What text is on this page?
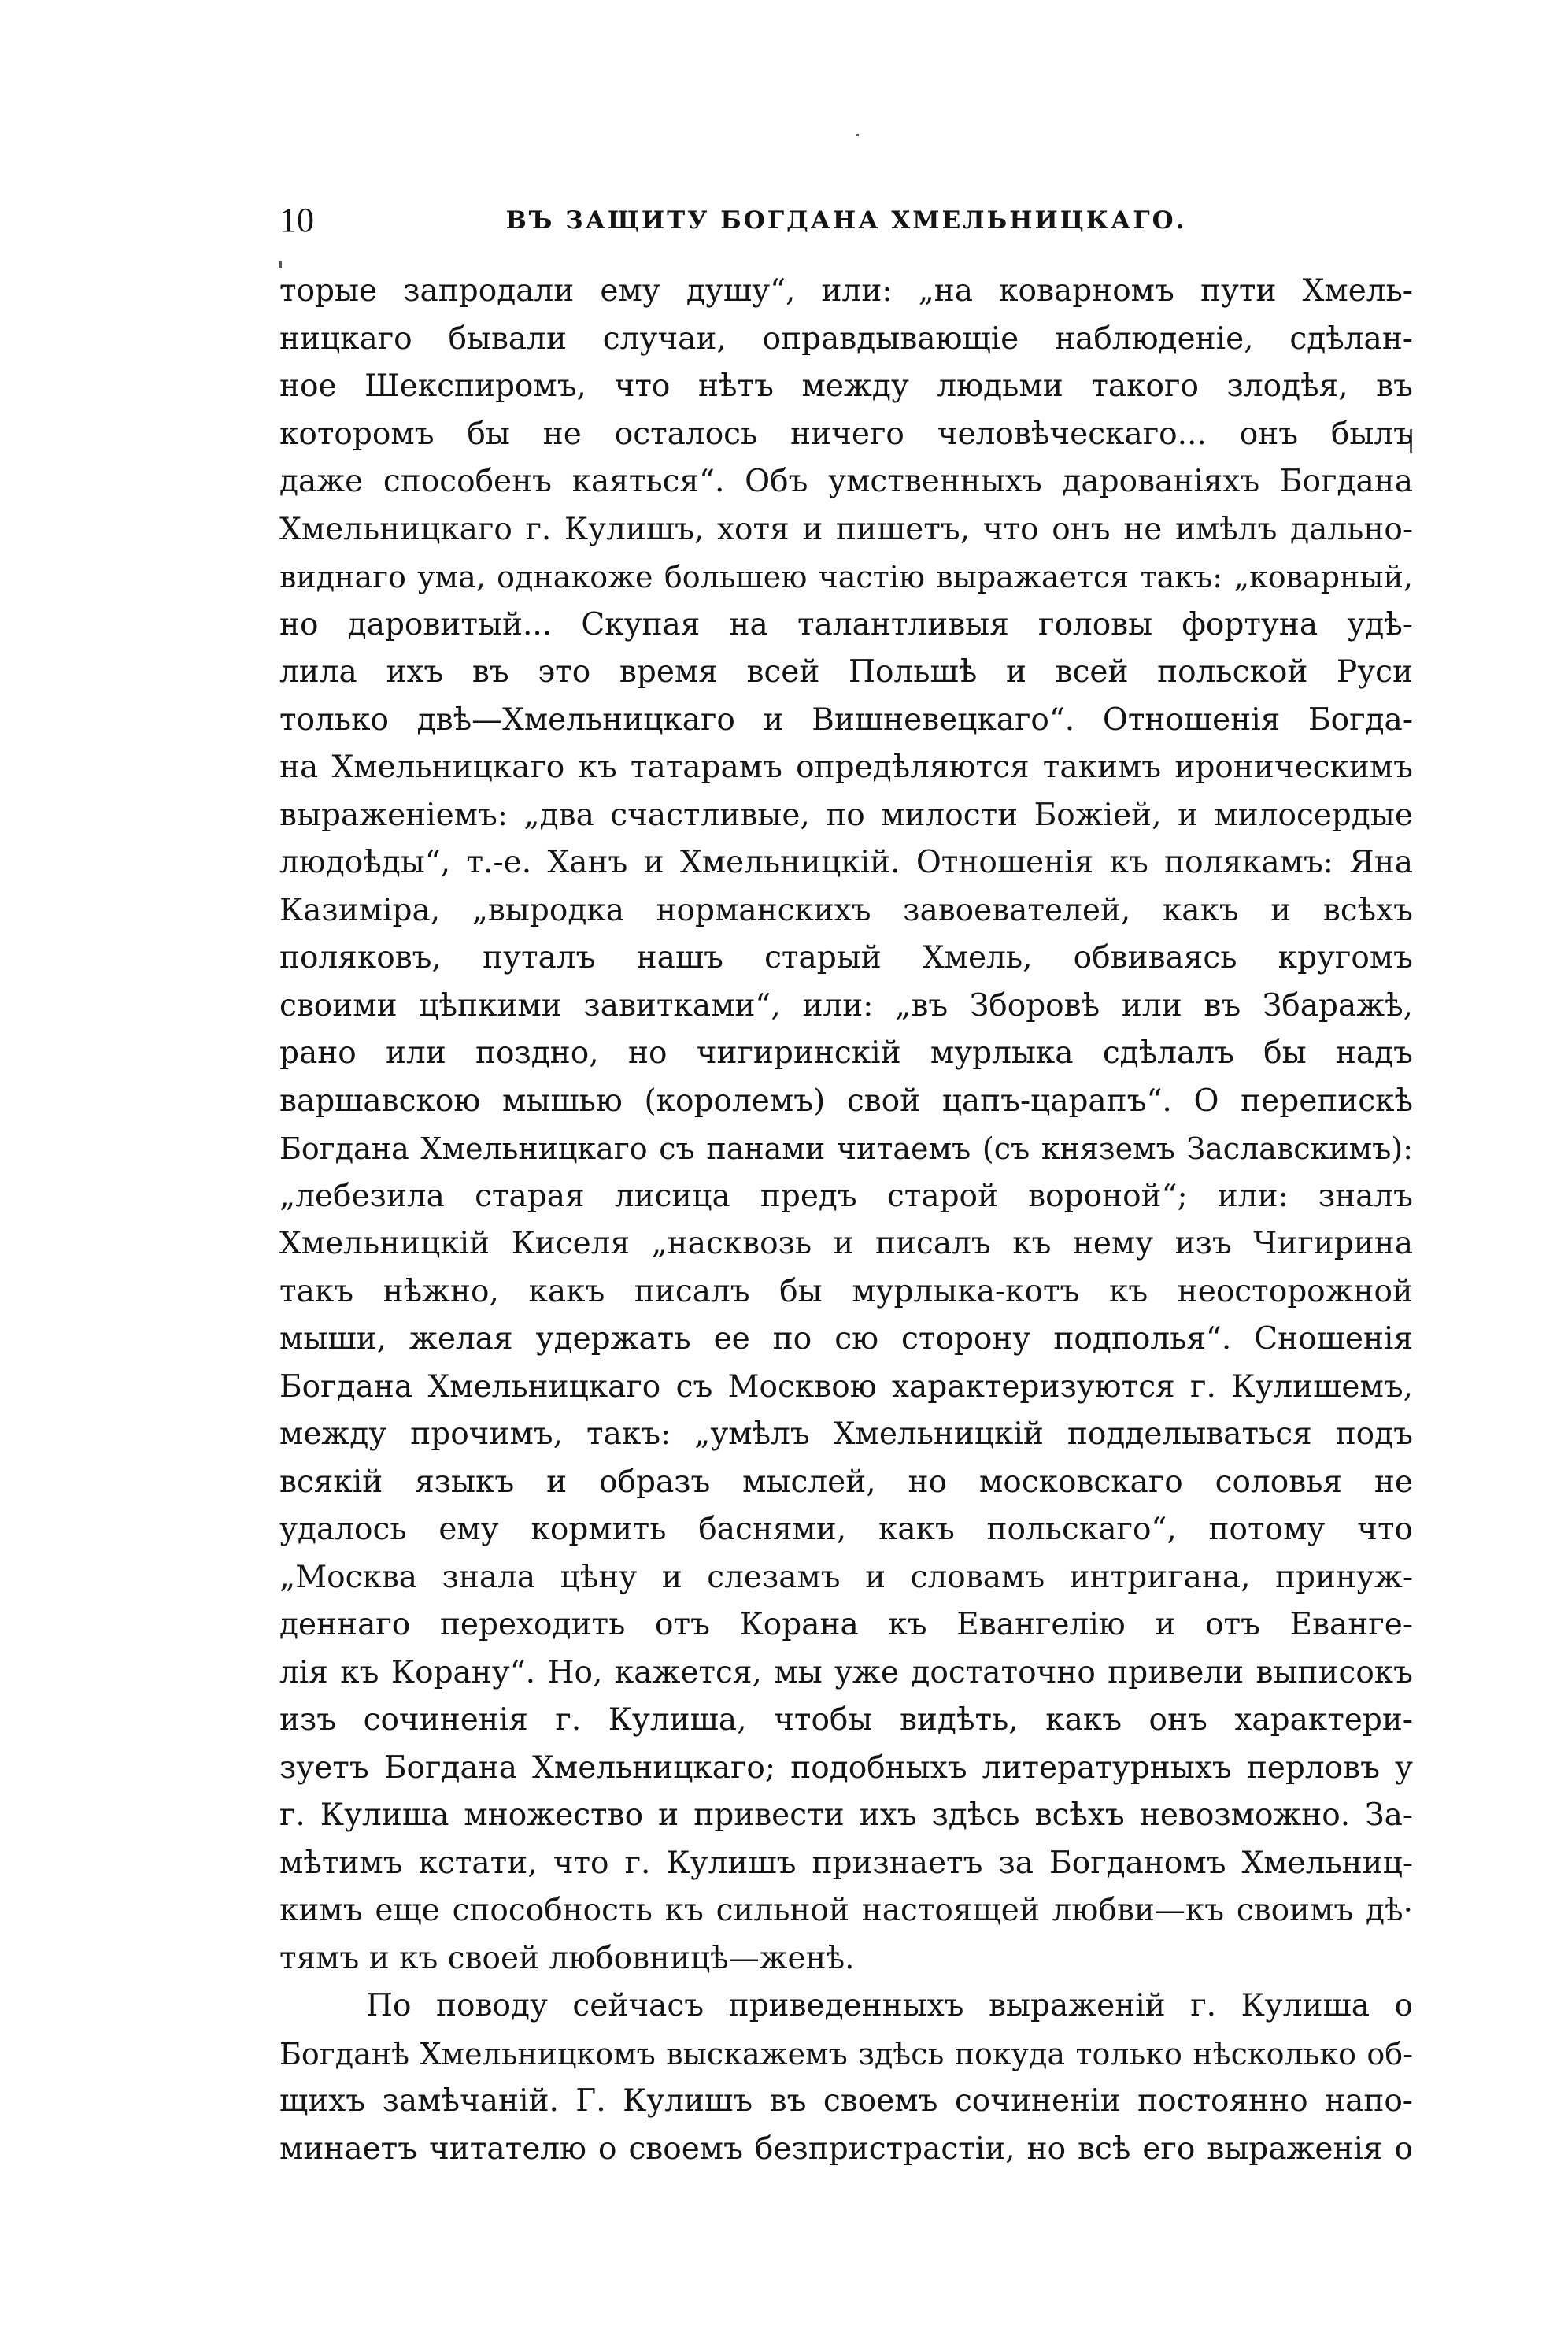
10	ВЪ ЗАЩИТУ БОГДАНА ХМЕЛЬНИЦКАГО.
торые запродали ему душу“, или: „на коварномъ пути Хмель-
ницкаго бывали случаи, оправдывающіе наблюденіе, сдѣлан-
ное Шекспиромъ, что нѣтъ между людьми такого злодѣя, въ
которомъ бы не осталось ничего человѣческаго... онъ былъ
даже способенъ каяться“. Объ умственныхъ дарованіяхъ Богдана
Хмельницкаго г. Кулишъ, хотя и пишетъ, что онъ не имѣлъ дально-
виднаго ума, однакоже большею частію выражается такъ: „коварный,
но даровитый... Скупая на талантливыя головы фортуна удѣ-
лила ихъ въ это время всей Польшѣ и всей польской Руси
только двѣ—Хмельницкаго и Вишневецкаго“. Отношенія Богда-
на Хмельницкаго къ татарамъ опредѣляются такимъ ироническимъ
выраженіемъ: „два счастливые, по милости Божіей, и милосердые
людоѣды“, т.-е. Ханъ и Хмельницкій. Отношенія къ полякамъ: Яна
Казиміра, „выродка норманскихъ завоевателей, какъ и всѣхъ
поляковъ, путалъ нашъ старый Хмель, обвиваясь кругомъ
своими цѣпкими завитками“, или: „въ Зборовѣ или въ Збаражѣ,
рано или поздно, но чигиринскій мурлыка сдѣлалъ бы надъ
варшавскою мышью (королемъ) свой цапъ-царапъ“. О перепискѣ
Богдана Хмельницкаго съ панами читаемъ (съ княземъ Заславскимъ):
„лебезила старая лисица предъ старой вороной“; или: зналъ
Хмельницкій Киселя „насквозь и писалъ къ нему изъ Чигирина
такъ нѣжно, какъ писалъ бы мурлыка-котъ къ неосторожной
мыши, желая удержать ее по сю сторону подполья“. Сношенія
Богдана Хмельницкаго съ Москвою характеризуются г. Кулишемъ,
между прочимъ, такъ: „умѣлъ Хмельницкій подделываться подъ
всякій языкъ и образъ мыслей, но московскаго соловья не
удалось ему кормить баснями, какъ польскаго“, потому что
„Москва знала цѣну и слезамъ и словамъ интригана, принуж-
деннаго переходить отъ Корана къ Евангелію и отъ Еванге-
лія къ Корану“. Но, кажется, мы уже достаточно привели выписокъ
изъ сочиненія г. Кулиша, чтобы видѣть, какъ онъ характери-
зуетъ Богдана Хмельницкаго; подобныхъ литературныхъ перловъ у
г. Кулиша множество и привести ихъ здѣсь всѣхъ невозможно. За-
мѣтимъ кстати, что г. Кулишъ признаетъ за Богданомъ Хмельниц-
кимъ еще способность къ сильной настоящей любви—къ своимъ дѣ·
тямъ и къ своей любовницѣ—женѣ.
По поводу сейчасъ приведенныхъ выраженій г. Кулиша о
Богданѣ Хмельницкомъ выскажемъ здѣсь покуда только нѣсколько об-
щихъ замѣчаній. Г. Кулишъ въ своемъ сочиненіи постоянно напо-
минаетъ читателю о своемъ безпристрастіи, но всѣ его выраженія о
